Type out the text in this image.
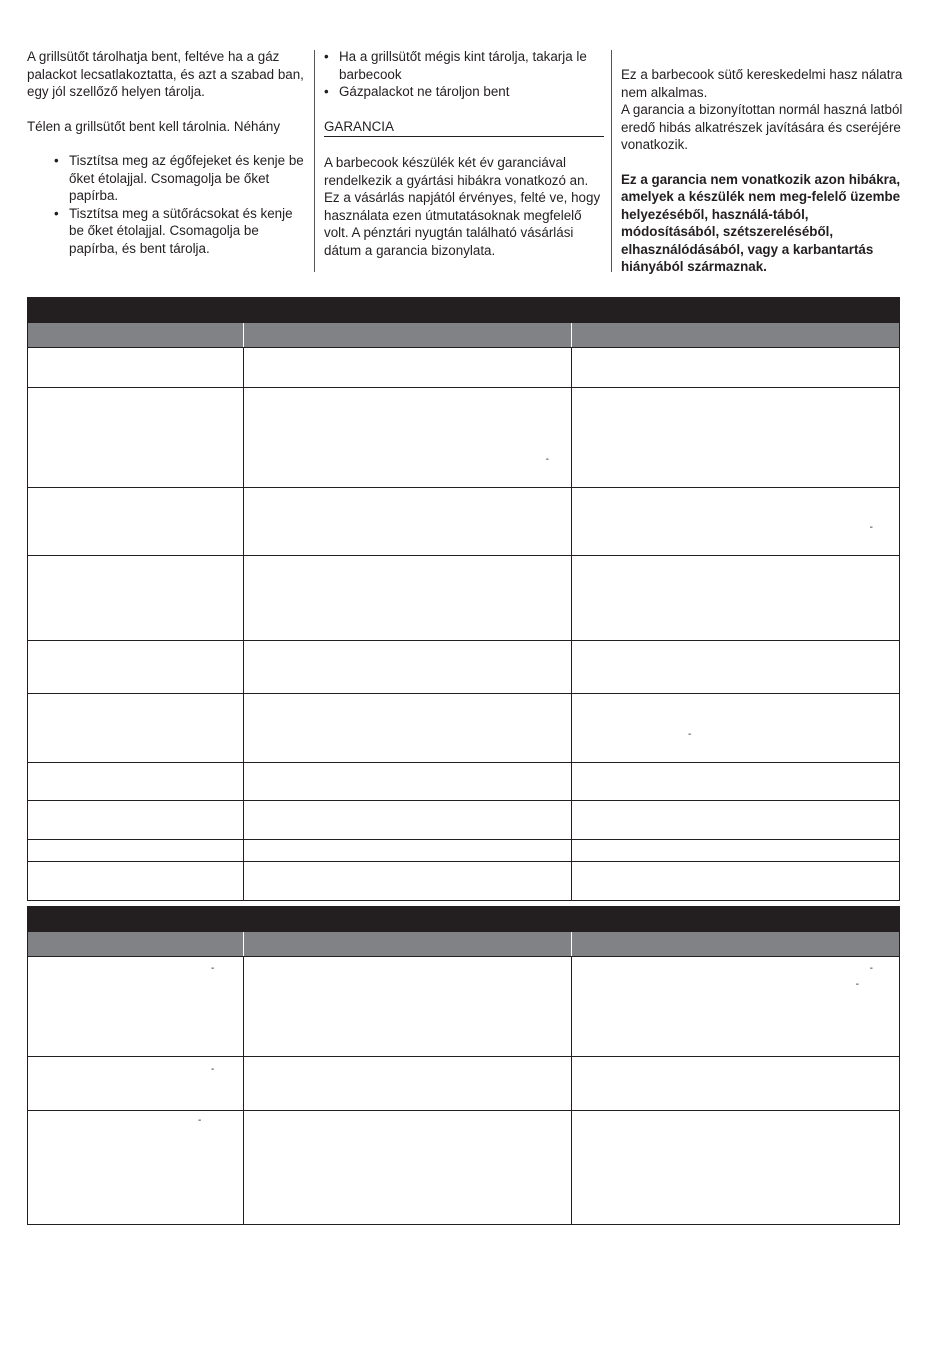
A grillsütőt tárolhatja bent, feltéve ha a gáz palackot lecsatlakoztatta, és azt a szabad ban, egy jól szellőző helyen tárolja.

Télen a grillsütőt bent kell tárolnia. Néhány

• Tisztítsa meg az égőfejeket és kenje be őket étolajjal. Csomagolja be őket papírba.
• Tisztítsa meg a sütőrácsokat és kenje be őket étolajjal. Csomagolja be papírba, és bent tárolja.
• Ha a grillsütőt mégis kint tárolja, takarja le barbecook
• Gázpalackot ne tároljon bent

GARANCIA

A barbecook készülék két év garanciával rendelkezik a gyártási hibákra vonatkozó an. Ez a vásárlás napjától érvényes, felté ve, hogy használata ezen útmutatásoknak megfelelő volt. A pénztári nyugtán található vásárlási dátum a garancia bizonylata.

Ez a barbecook sütő kereskedelmi hasz nálatra nem alkalmas.

A garancia a bizonyítottan normál haszná latból eredő hibás alkatrészek javítására és cseréjére vonatkozik.

Ez a garancia nem vonatkozik azon hibákra, amelyek a készülék nem meg-felelő üzembe helyezéséből, használá-tából, módosításából, szétszereléséből, elhasználódásából, vagy a karbantartás hiányából származnak.

	-	

		-

		-

-		-
-

-		

-		
